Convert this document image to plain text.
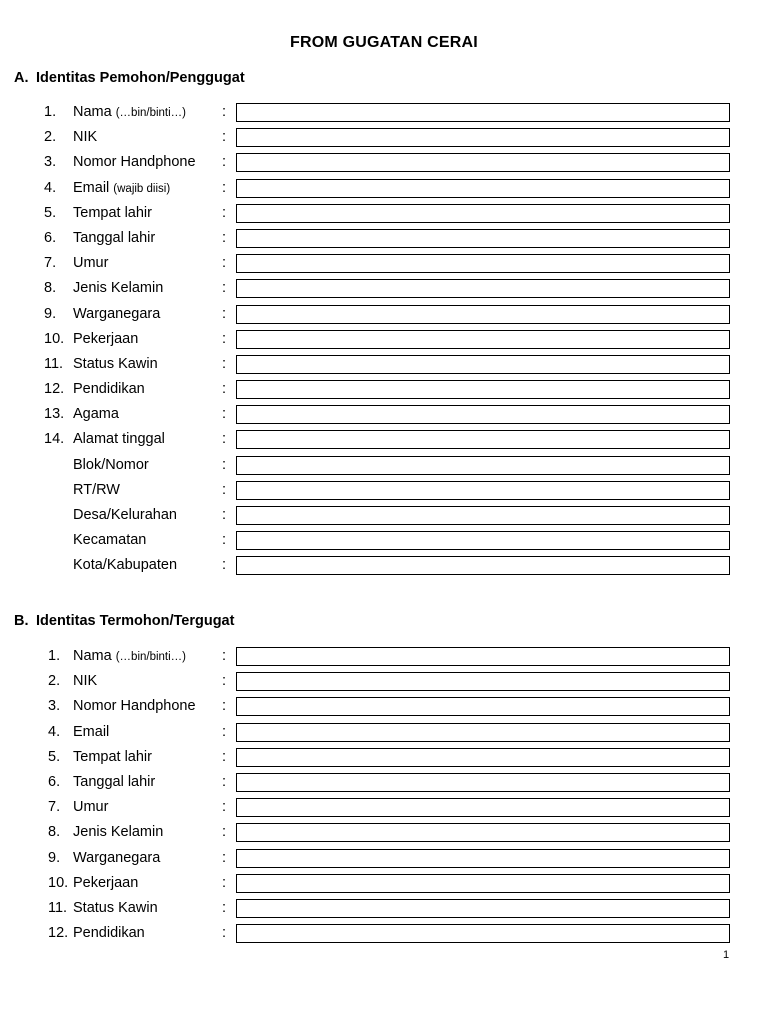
FROM GUGATAN CERAI
A. Identitas Pemohon/Penggugat
1. Nama (…bin/binti…) :
2. NIK	:
3. Nomor Handphone :
4. Email (wajib diisi)	:
5. Tempat lahir	:
6. Tanggal lahir	:
7. Umur	:
8. Jenis Kelamin	:
9. Warganegara	:
10. Pekerjaan	:
11. Status Kawin	:
12. Pendidikan	:
13. Agama	:
14. Alamat tinggal	:
Blok/Nomor	:
RT/RW	:
Desa/Kelurahan	:
Kecamatan	:
Kota/Kabupaten	:
B. Identitas Termohon/Tergugat
1. Nama (…bin/binti…) :
2. NIK	:
3. Nomor Handphone :
4. Email	:
5. Tempat lahir	:
6. Tanggal lahir	:
7. Umur	:
8. Jenis Kelamin	:
9. Warganegara	:
10. Pekerjaan	:
11. Status Kawin	:
12. Pendidikan	:
1
